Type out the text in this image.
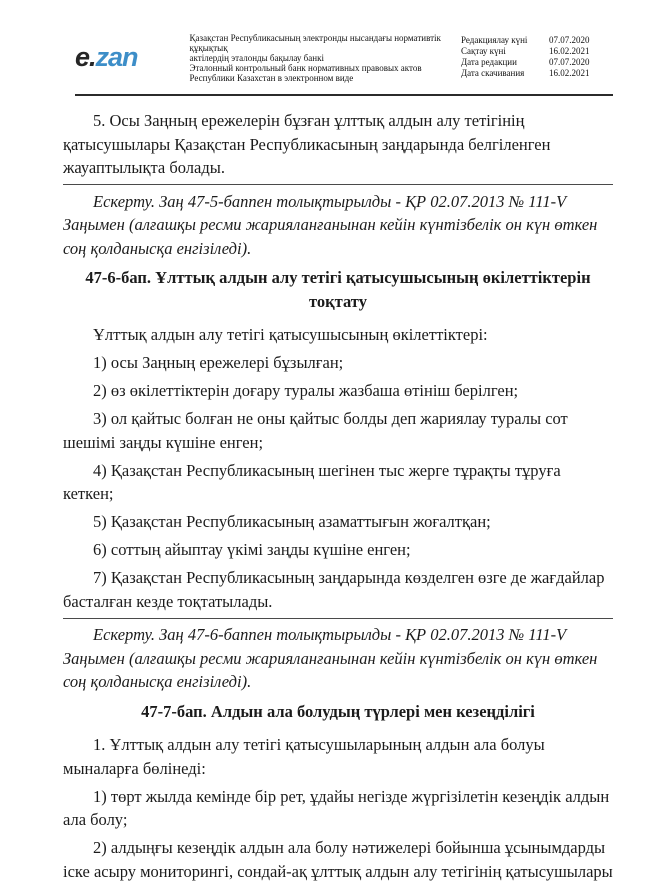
e.zan
Қазақстан Республикасының электронды нысандағы нормативтік құқықтық
актілердің эталонды бақылау банкі
Эталонный контрольный банк нормативных правовых актов
Республики Казахстан в электронном виде
Редакциялау күні	07.07.2020
Сақтау күні	16.02.2021
Дата редакции	07.07.2020
Дата скачивания	16.02.2021

5. Осы Заңның ережелерін бұзған ұлттық алдын алу тетігінің қатысушылары Қазақстан Республикасының заңдарында белгіленген жауаптылықта болады.

Ескерту. Заң 47-5-баппен толықтырылды - ҚР 02.07.2013 № 111-V Заңымен (алғашқы ресми жарияланғанынан кейін күнтізбелік он күн өткен соң қолданысқа енгізіледі).

47-6-бап. Ұлттық алдын алу тетігі қатысушысының өкілеттіктерін тоқтату

Ұлттық алдын алу тетігі қатысушысының өкілеттіктері:

1) осы Заңның ережелері бұзылған;

2) өз өкілеттіктерін доғару туралы жазбаша өтініш берілген;

3) ол қайтыс болған не оны қайтыс болды деп жариялау туралы сот шешімі заңды күшіне енген;

4) Қазақстан Республикасының шегінен тыс жерге тұрақты тұруға кеткен;

5) Қазақстан Республикасының азаматтығын жоғалтқан;

6) соттың айыптау үкімі заңды күшіне енген;

7) Қазақстан Республикасының заңдарында көзделген өзге де жағдайлар басталған кезде тоқтатылады.

Ескерту. Заң 47-6-баппен толықтырылды - ҚР 02.07.2013 № 111-V Заңымен (алғашқы ресми жарияланғанынан кейін күнтізбелік он күн өткен соң қолданысқа енгізіледі).

47-7-бап. Алдын ала болудың түрлері мен кезеңділігі

1. Ұлттық алдын алу тетігі қатысушыларының алдын ала болуы мыналарға бөлінеді:

1) төрт жылда кемінде бір рет, ұдайы негізде жүргізілетін кезеңдік алдын ала болу;

2) алдыңғы кезеңдік алдын ала болу нәтижелері бойынша ұсынымдарды іске асыру мониторингі, сондай-ақ ұлттық алдын алу тетігінің қатысушылары
